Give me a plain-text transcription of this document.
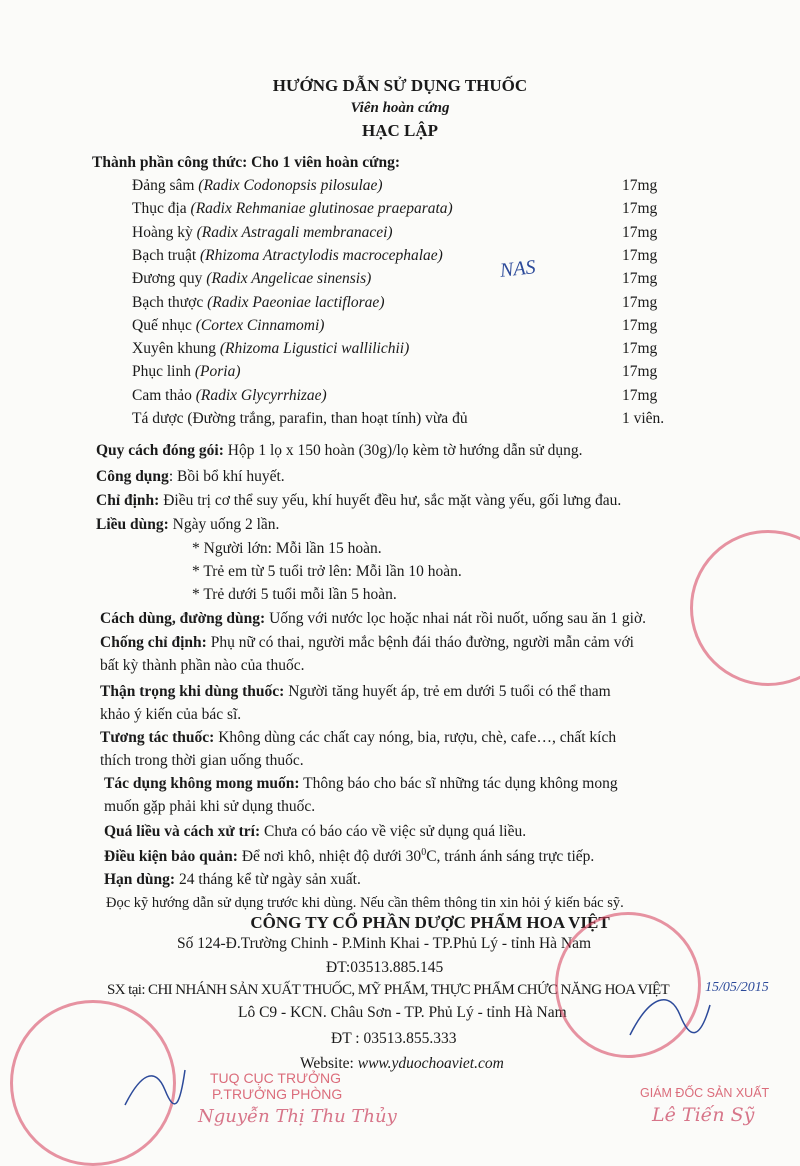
HƯỚNG DẪN SỬ DỤNG THUỐC
Viên hoàn cứng
HẠC LẬP
Thành phần công thức: Cho 1 viên hoàn cứng:
Đảng sâm (Radix Codonopsis pilosulae)	17mg
Thục địa (Radix Rehmaniae glutinosae praeparata)	17mg
Hoàng kỳ (Radix Astragali membranacei)	17mg
Bạch truật (Rhizoma Atractylodis macrocephalae)	17mg
Đương quy (Radix Angelicae sinensis)	17mg
Bạch thược (Radix Paeoniae lactiflorae)	17mg
Quế nhục (Cortex Cinnamomi)	17mg
Xuyên khung (Rhizoma Ligustici wallilichii)	17mg
Phục linh (Poria)	17mg
Cam thảo (Radix Glycyrrhizae)	17mg
Tá dược (Đường trắng, parafin, than hoạt tính) vừa đủ	1 viên.
Quy cách đóng gói: Hộp 1 lọ x 150 hoàn (30g)/lọ kèm tờ hướng dẫn sử dụng.
Công dụng: Bồi bổ khí huyết.
Chỉ định: Điều trị cơ thể suy yếu, khí huyết đều hư, sắc mặt vàng yếu, gối lưng đau.
Liều dùng: Ngày uống 2 lần.
* Người lớn: Mỗi lần 15 hoàn.
* Trẻ em từ 5 tuổi trở lên: Mỗi lần 10 hoàn.
* Trẻ dưới 5 tuổi mỗi lần 5 hoàn.
Cách dùng, đường dùng: Uống với nước lọc hoặc nhai nát rồi nuốt, uống sau ăn 1 giờ.
Chống chỉ định: Phụ nữ có thai, người mắc bệnh đái tháo đường, người mẫn cảm với
bất kỳ thành phần nào của thuốc.
Thận trọng khi dùng thuốc: Người tăng huyết áp, trẻ em dưới 5 tuổi có thể tham
khảo ý kiến của bác sĩ.
Tương tác thuốc: Không dùng các chất cay nóng, bia, rượu, chè, cafe…, chất kích
thích trong thời gian uống thuốc.
Tác dụng không mong muốn: Thông báo cho bác sĩ những tác dụng không mong
muốn gặp phải khi sử dụng thuốc.
Quá liều và cách xử trí: Chưa có báo cáo về việc sử dụng quá liều.
Điều kiện bảo quản: Để nơi khô, nhiệt độ dưới $30^0C$, tránh ánh sáng trực tiếp.
Hạn dùng: 24 tháng kể từ ngày sản xuất.
Đọc kỹ hướng dẫn sử dụng trước khi dùng. Nếu cần thêm thông tin xin hỏi ý kiến bác sỹ.
CÔNG TY CỔ PHẦN DƯỢC PHẨM HOA VIỆT
Số 124-Đ.Trường Chinh - P.Minh Khai - TP.Phủ Lý - tỉnh Hà Nam
ĐT:03513.885.145
SX tại: CHI NHÁNH SẢN XUẤT THUỐC, MỸ PHẨM, THỰC PHẨM CHỨC NĂNG HOA VIỆT
Lô C9 - KCN. Châu Sơn - TP. Phủ Lý - tỉnh Hà Nam
ĐT : 03513.855.333
Website: www.yduochoaviet.com
TUQ CỤC TRƯỞNG
P.TRƯỞNG PHÒNG
Nguyễn Thị Thu Thủy
GIÁM ĐỐC SẢN XUẤT
Lê Tiến Sỹ
15/05/2015
NAS
